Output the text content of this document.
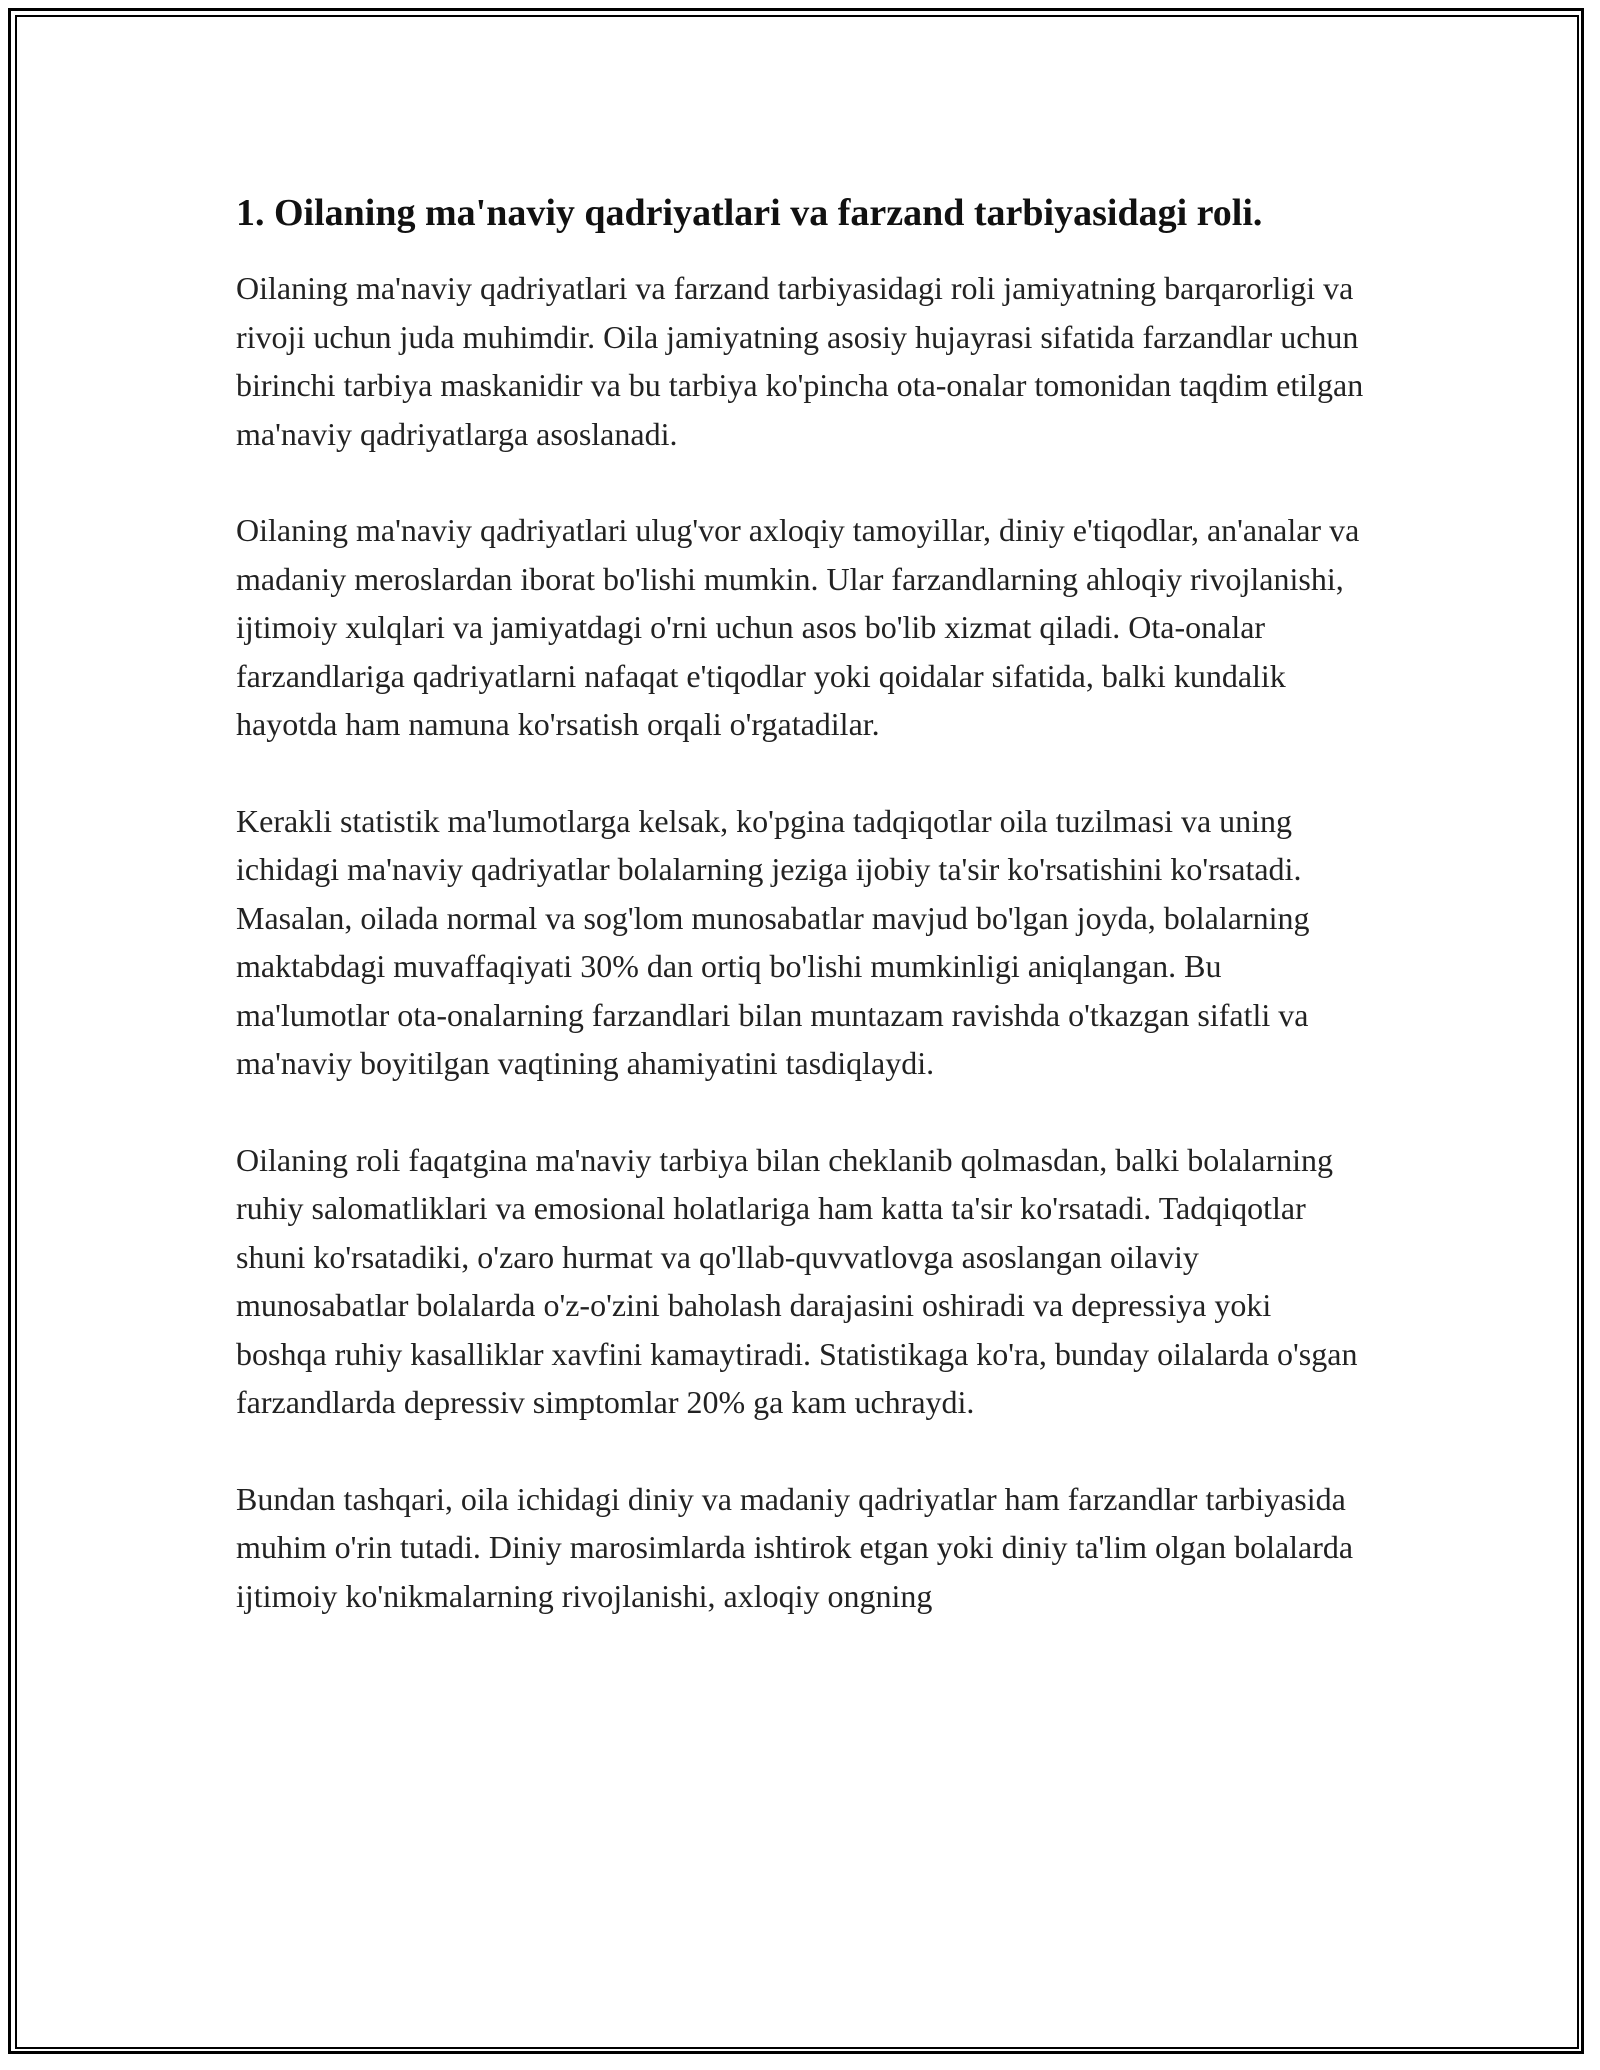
1. Oilaning ma'naviy qadriyatlari va farzand tarbiyasidagi roli.

Oilaning ma'naviy qadriyatlari va farzand tarbiyasidagi roli jamiyatning barqarorligi va rivoji uchun juda muhimdir. Oila jamiyatning asosiy hujayrasi sifatida farzandlar uchun birinchi tarbiya maskanidir va bu tarbiya ko'pincha ota-onalar tomonidan taqdim etilgan ma'naviy qadriyatlarga asoslanadi.

Oilaning ma'naviy qadriyatlari ulug'vor axloqiy tamoyillar, diniy e'tiqodlar, an'analar va madaniy meroslardan iborat bo'lishi mumkin. Ular farzandlarning ahloqiy rivojlanishi, ijtimoiy xulqlari va jamiyatdagi o'rni uchun asos bo'lib xizmat qiladi. Ota-onalar farzandlariga qadriyatlarni nafaqat e'tiqodlar yoki qoidalar sifatida, balki kundalik hayotda ham namuna ko'rsatish orqali o'rgatadilar.

Kerakli statistik ma'lumotlarga kelsak, ko'pgina tadqiqotlar oila tuzilmasi va uning ichidagi ma'naviy qadriyatlar bolalarning jeziga ijobiy ta'sir ko'rsatishini ko'rsatadi. Masalan, oilada normal va sog'lom munosabatlar mavjud bo'lgan joyda, bolalarning maktabdagi muvaffaqiyati 30% dan ortiq bo'lishi mumkinligi aniqlangan. Bu ma'lumotlar ota-onalarning farzandlari bilan muntazam ravishda o'tkazgan sifatli va ma'naviy boyitilgan vaqtining ahamiyatini tasdiqlaydi.

Oilaning roli faqatgina ma'naviy tarbiya bilan cheklanib qolmasdan, balki bolalarning ruhiy salomatliklari va emosional holatlariga ham katta ta'sir ko'rsatadi. Tadqiqotlar shuni ko'rsatadiki, o'zaro hurmat va qo'llab-quvvatlovga asoslangan oilaviy munosabatlar bolalarda o'z-o'zini baholash darajasini oshiradi va depressiya yoki boshqa ruhiy kasalliklar xavfini kamaytiradi. Statistikaga ko'ra, bunday oilalarda o'sgan farzandlarda depressiv simptomlar 20% ga kam uchraydi.

Bundan tashqari, oila ichidagi diniy va madaniy qadriyatlar ham farzandlar tarbiyasida muhim o'rin tutadi. Diniy marosimlarda ishtirok etgan yoki diniy ta'lim olgan bolalarda ijtimoiy ko'nikmalarning rivojlanishi, axloqiy ongning
